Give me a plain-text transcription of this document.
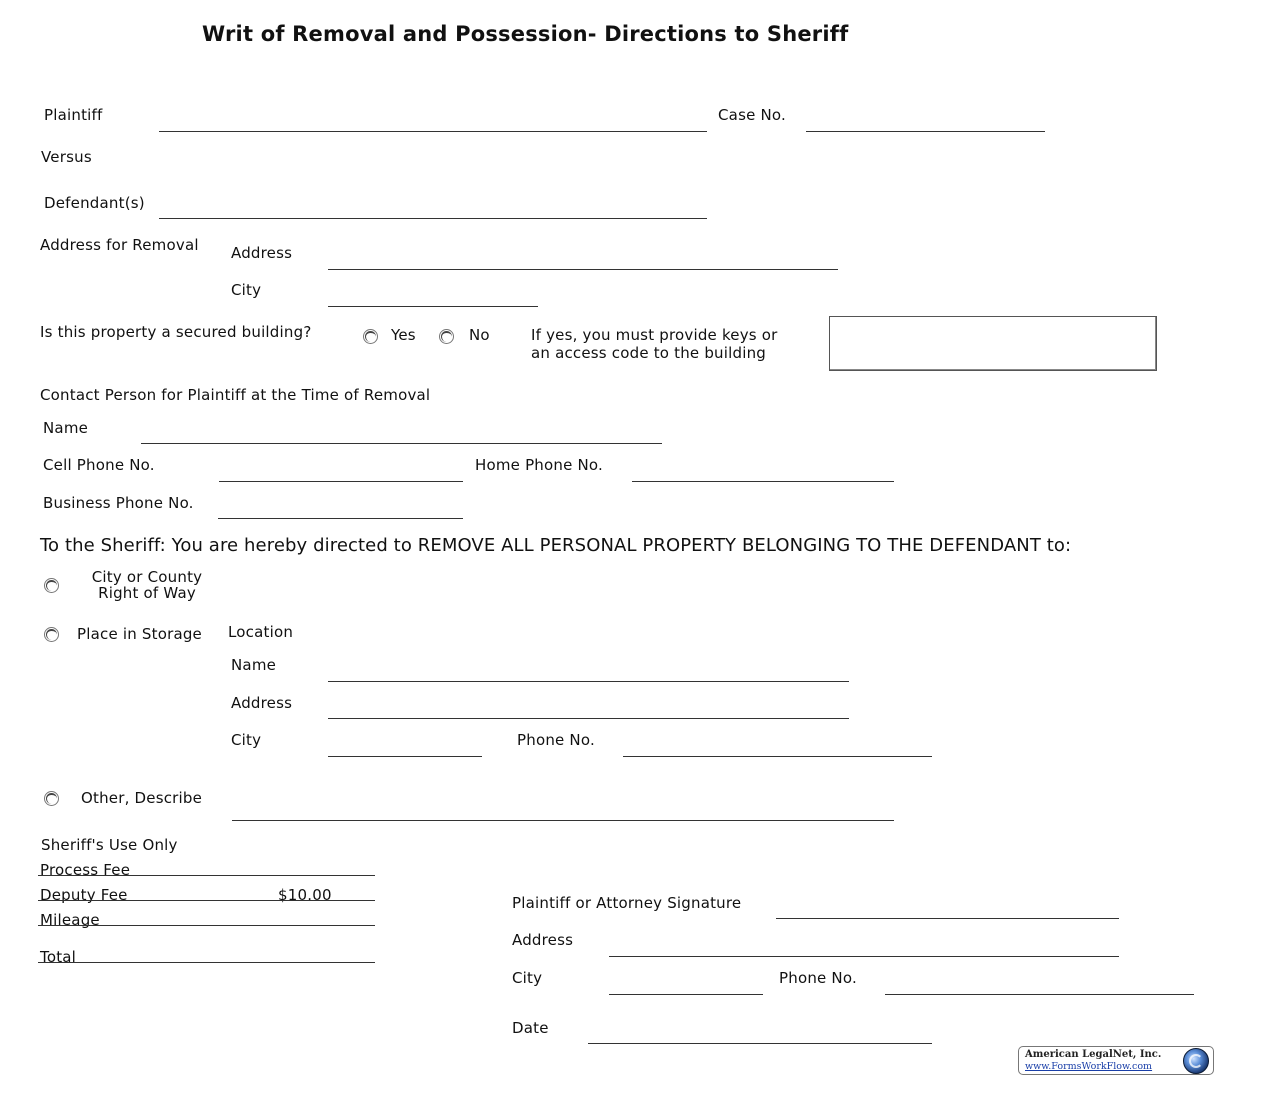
Writ of Removal and Possession- Directions to Sheriff
Plaintiff	Case No.
Versus
Defendant(s)
Address for Removal Address
City
Is this property a secured building?	Yes	No	If yes, you must provide keys or
an access code to the building
Contact Person for Plaintiff at the Time of Removal
Name
Cell Phone No.	Home Phone No.
Business Phone No.
To the Sheriff: You are hereby directed to REMOVE ALL PERSONAL PROPERTY BELONGING TO THE DEFENDANT to:
City or County
Right of Way
Place in Storage Location
Name
Address
City	Phone No.
Other, Describe
Sheriff's Use Only
Process Fee
Deputy Fee	$10.00
Mileage
Total
Plaintiff or Attorney Signature
Address
City	Phone No.
Date
American LegalNet, Inc.
www.FormsWorkFlow.com
